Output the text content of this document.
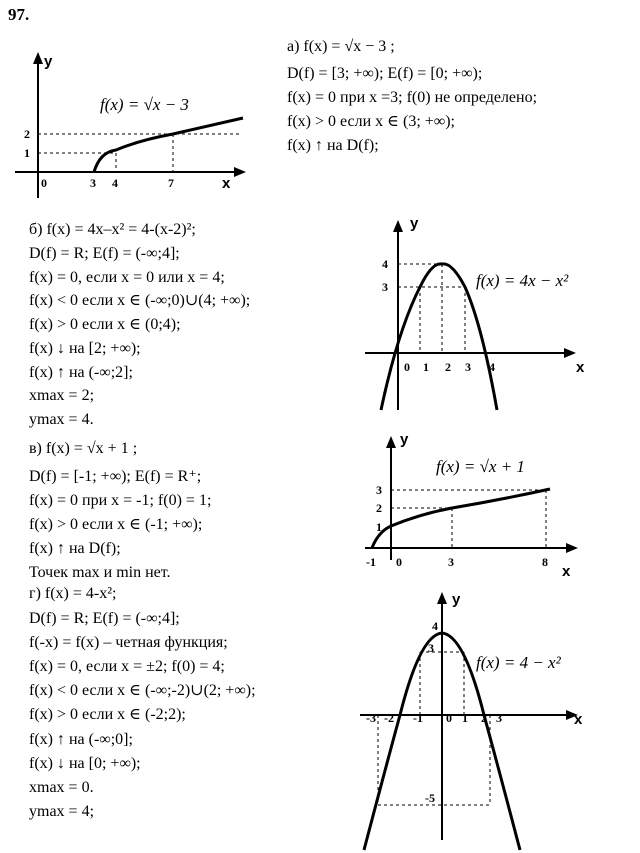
97.
а) f(x) = √x − 3 ;
D(f) = [3; +∞); E(f) = [0; +∞);
f(x) = 0 при x =3; f(0) не определено;
f(x) > 0 если x ∈ (3; +∞);
f(x) ↑ на D(f);
y
x
0	3 4	7
1
2
f(x) = √x − 3
б) f(x) = 4x–x² = 4-(x-2)²;
D(f) = R; E(f) = (-∞;4];
f(x) = 0, если x = 0 или x = 4;
f(x) < 0 если x ∈ (-∞;0)∪(4; +∞);
f(x) > 0 если x ∈ (0;4);
f(x) ↓ на [2; +∞);
f(x) ↑ на (-∞;2];
xmax = 2;
ymax = 4.
y
x
0 1 2 3 4
3
4
f(x) = 4x − x²
в) f(x) = √x + 1 ;
D(f) = [-1; +∞); E(f) = R⁺;
f(x) = 0 при x = -1; f(0) = 1;
f(x) > 0 если x ∈ (-1; +∞);
f(x) ↑ на D(f);
Точек max и min нет.
y
x
-1 0	3	8
1
2
3
f(x) = √x + 1
г) f(x) = 4-x²;
D(f) = R; E(f) = (-∞;4];
f(-x) = f(x) – четная функция;
f(x) = 0, если x = ±2; f(0) = 4;
f(x) < 0 если x ∈ (-∞;-2)∪(2; +∞);
f(x) > 0 если x ∈ (-2;2);
f(x) ↑ на (-∞;0];
f(x) ↓ на [0; +∞);
xmax = 0.
ymax = 4;
y
x
-3 -2 -1 0 1 2 3
4
3
-5
f(x) = 4 − x²
